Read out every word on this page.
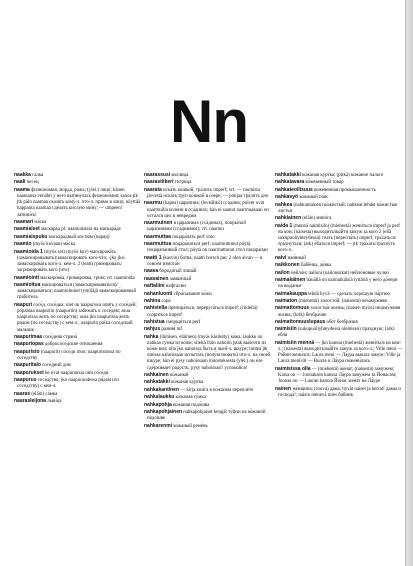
Nn
naakka га́лка
naali песе́ц
naama физионо́мия, мо́рда, ро́жа; (ylei.) лицо́; hänen naamansa venähti у него́ вытянулась физионо́мия; sanoa jtk jtk päin naamaa сказа́ть кому́-л. что-л. пря́мо в лицо́; nöyttää happanta naamaa сде́лать ки́слую ми́ну; — umpeen! заткни́сь!
naamari ма́ска
naamiaiset маскара́д pl; naamiaisissa на маскара́де
naamiaispuku маскара́дный костю́м (наряд)
naamio (myös kuvaan) ма́ска
naamioida 1 (myös sot) (myös kuv) маскирова́ть (замаскировывать)/замаскирова́ть кого́-что; -jku jksi замаскирова́ть кого́-л. кем-л. 2 (teatt) гримирова́ть/загримирова́ть кого́ (что)
naamiointi маскиро́вка, грими́ровка, грим; vrt. naamioida
naamioitua маскирова́ться (замаскировываться)/замаскирова́ться; naamioitunut rystöläjä замаскиро́ванный грабитель
naapuri сосе́д, сосе́дка; olet on naapurissa опять у сосе́дей; pöpahtaa naapuriin (naapuriin) забежа́ть к сосе́дям; asua naapurissa жить по сосе́дству; asua jkn naapurissa жить ря́дом (по сосе́дству) с кем-л.; naapurin poika сосе́дский ма́льчик
naapurimaa сосе́дняя страна́
naapuriopas добрососе́дские отноше́ния
naapuristo (naapurit) сосе́ди mon; naapuristossa по сосе́дству
naapuritalo сосе́дний дом
naapurukset he ovat naapuruksia они сосе́ди
naapurus сосе́дство; jkn naapuruudessa ря́дом (по сосе́дству) с кем-л.
naaras (eläin) са́мка
naarasleijona льви́ца
naarassusi волчи́ца
naarastiikeri тигри́ца
naarata иска́ть ко́шкой, тра́лить imperf; vrt. — ruumista järvestä иска́ть труп ко́шкой в о́зере; — pohjaa тра́лить дно
naarmu (kapea) цара́пина; (leveähkö) сса́дина; polvet ovat naarmuilla коле́ни в сса́динах; kän ei saanut naarmuakaan он оста́лся цел и невреди́м
naarmuinen в цара́пинах (сса́динах), покры́тый цара́пинами (сса́динами); vrt. naarmu
naarmuttaa поцара́пать perf vmo
naarmuttua поцара́паться perf; naarmuttunut pöytä поцара́панный стол; pöytä on naarmuttunut стол поцара́пан
naatti 1 (kasvin) ботва́; naatti borsch ри́с 2 olen aivan — я совсе́м измота́н
naava борода́тый лиша́й
naavainen замше́лый
naftaliini нафтали́н
nahanluonti сбра́сывание ко́жи
nahina сора́
nahistella препира́ться, переруга́ться imperf; (riidellä) ссо́риться imperf
nahistua сморщи́ться perf
nahjus разиня́ mf
nahka (ihmisen, eläimen) (myös käsitelty) ко́жа; laukku on nahkaa су́мка из ко́жи; sileitä ihön nahoiin jstak вы́лезти из ко́жи вон; olla jkn nahoissa быть в чьей-л. шку́ре; tuntea jtk omissa nahoissaan испыта́ть (почу́вствовать) что-л. на свое́й шку́ре; hän ei pysy nahoissaan innostuksesta (ylei.) он е́ле сде́рживает ра́дость; pysy nahoissasi! успоко́йся!
nahkainen ко́жаный
nahkatakki ко́жаная ку́ртка
nahkakantinen — kirja кни́га в ко́жаном переплёте
nahkalaukku ко́жаная су́мка
nahkapohja ко́жаная подо́шва
nahkapohjainen nahkapohjaiset kengät ту́фли на ко́жаной подо́шве
nahkarenmi ко́жаный реме́нь
nahkatakki ко́жаная ку́ртка; (pitkä) ко́жаное пальто́
nahkatavara ко́жевенный това́р
nahkateollisuus коже́венная промы́шленность
nahkavyö ко́жаный по́яс
nahkea (nahkamainen) ко́жистый; nahkeat lehdet ко́жистые ли́стья
nahkiainen (eläin) мино́га
naida 1 (mennä naimisiin) (miehestä) жени́ться imperf ja perf на ком; (naisesta) выходи́ть/вы́йти за́муж за кого́ 2 (ellä sukupuoliyhteydessä) спа́ть (переспа́ть) imperf, тра́хаться/тра́хнуться; (ark) е́баться imperf; — jtk тра́хать/тра́хнуть кого́-л.
naivi наи́вный
naikkonen ба́бёнка, де́вка
nailon нейло́н; nailoni (nailonsukat) нейло́новые чулки́
naimakäinen häuällä on naimaikäisiä tyttäriä у него́ до́чери на вы́данье
naimakauppa tehdä hyvä — сде́лать хоро́шую па́ртию
naimaton (miehestä) холосто́й; (naisesta) незаму́жняя
naimattomuus холосты́е жизнь; (naisen myös) незаму́жняя жизнь; (kirk) безбра́чие
naimattomuuslupaus обе́т безбра́чия
naimisiin (sukupuoliyhteydessä olemisen) праздную; (ark) ебля
naimisiin mennä — jkn kanssa (miehestä) жени́ться на ком-л.; (naisesta) выходи́ть/вы́йти за́муж за кого́-л.; Ville meni — Ра́йни жени́лся; Laura meni — Ла́ура вы́шла за́муж; Ville ja Laura menivät — Ви́лле и Ла́ура пожени́лись
naimisissa olla — (miehestä) жена́т; (naisesta) за́мужем; Kaisa on — Joonaksen kanssa Ла́ура за́мужем за Йо́насом; Joonas on — Lauran kanssa Йо́нас жена́т на Ла́уре
nainen же́нщина; (rouva) да́ма; hyvät naiset ja herrat! да́мы и господа́!; naisin menevä mies ба́бник
